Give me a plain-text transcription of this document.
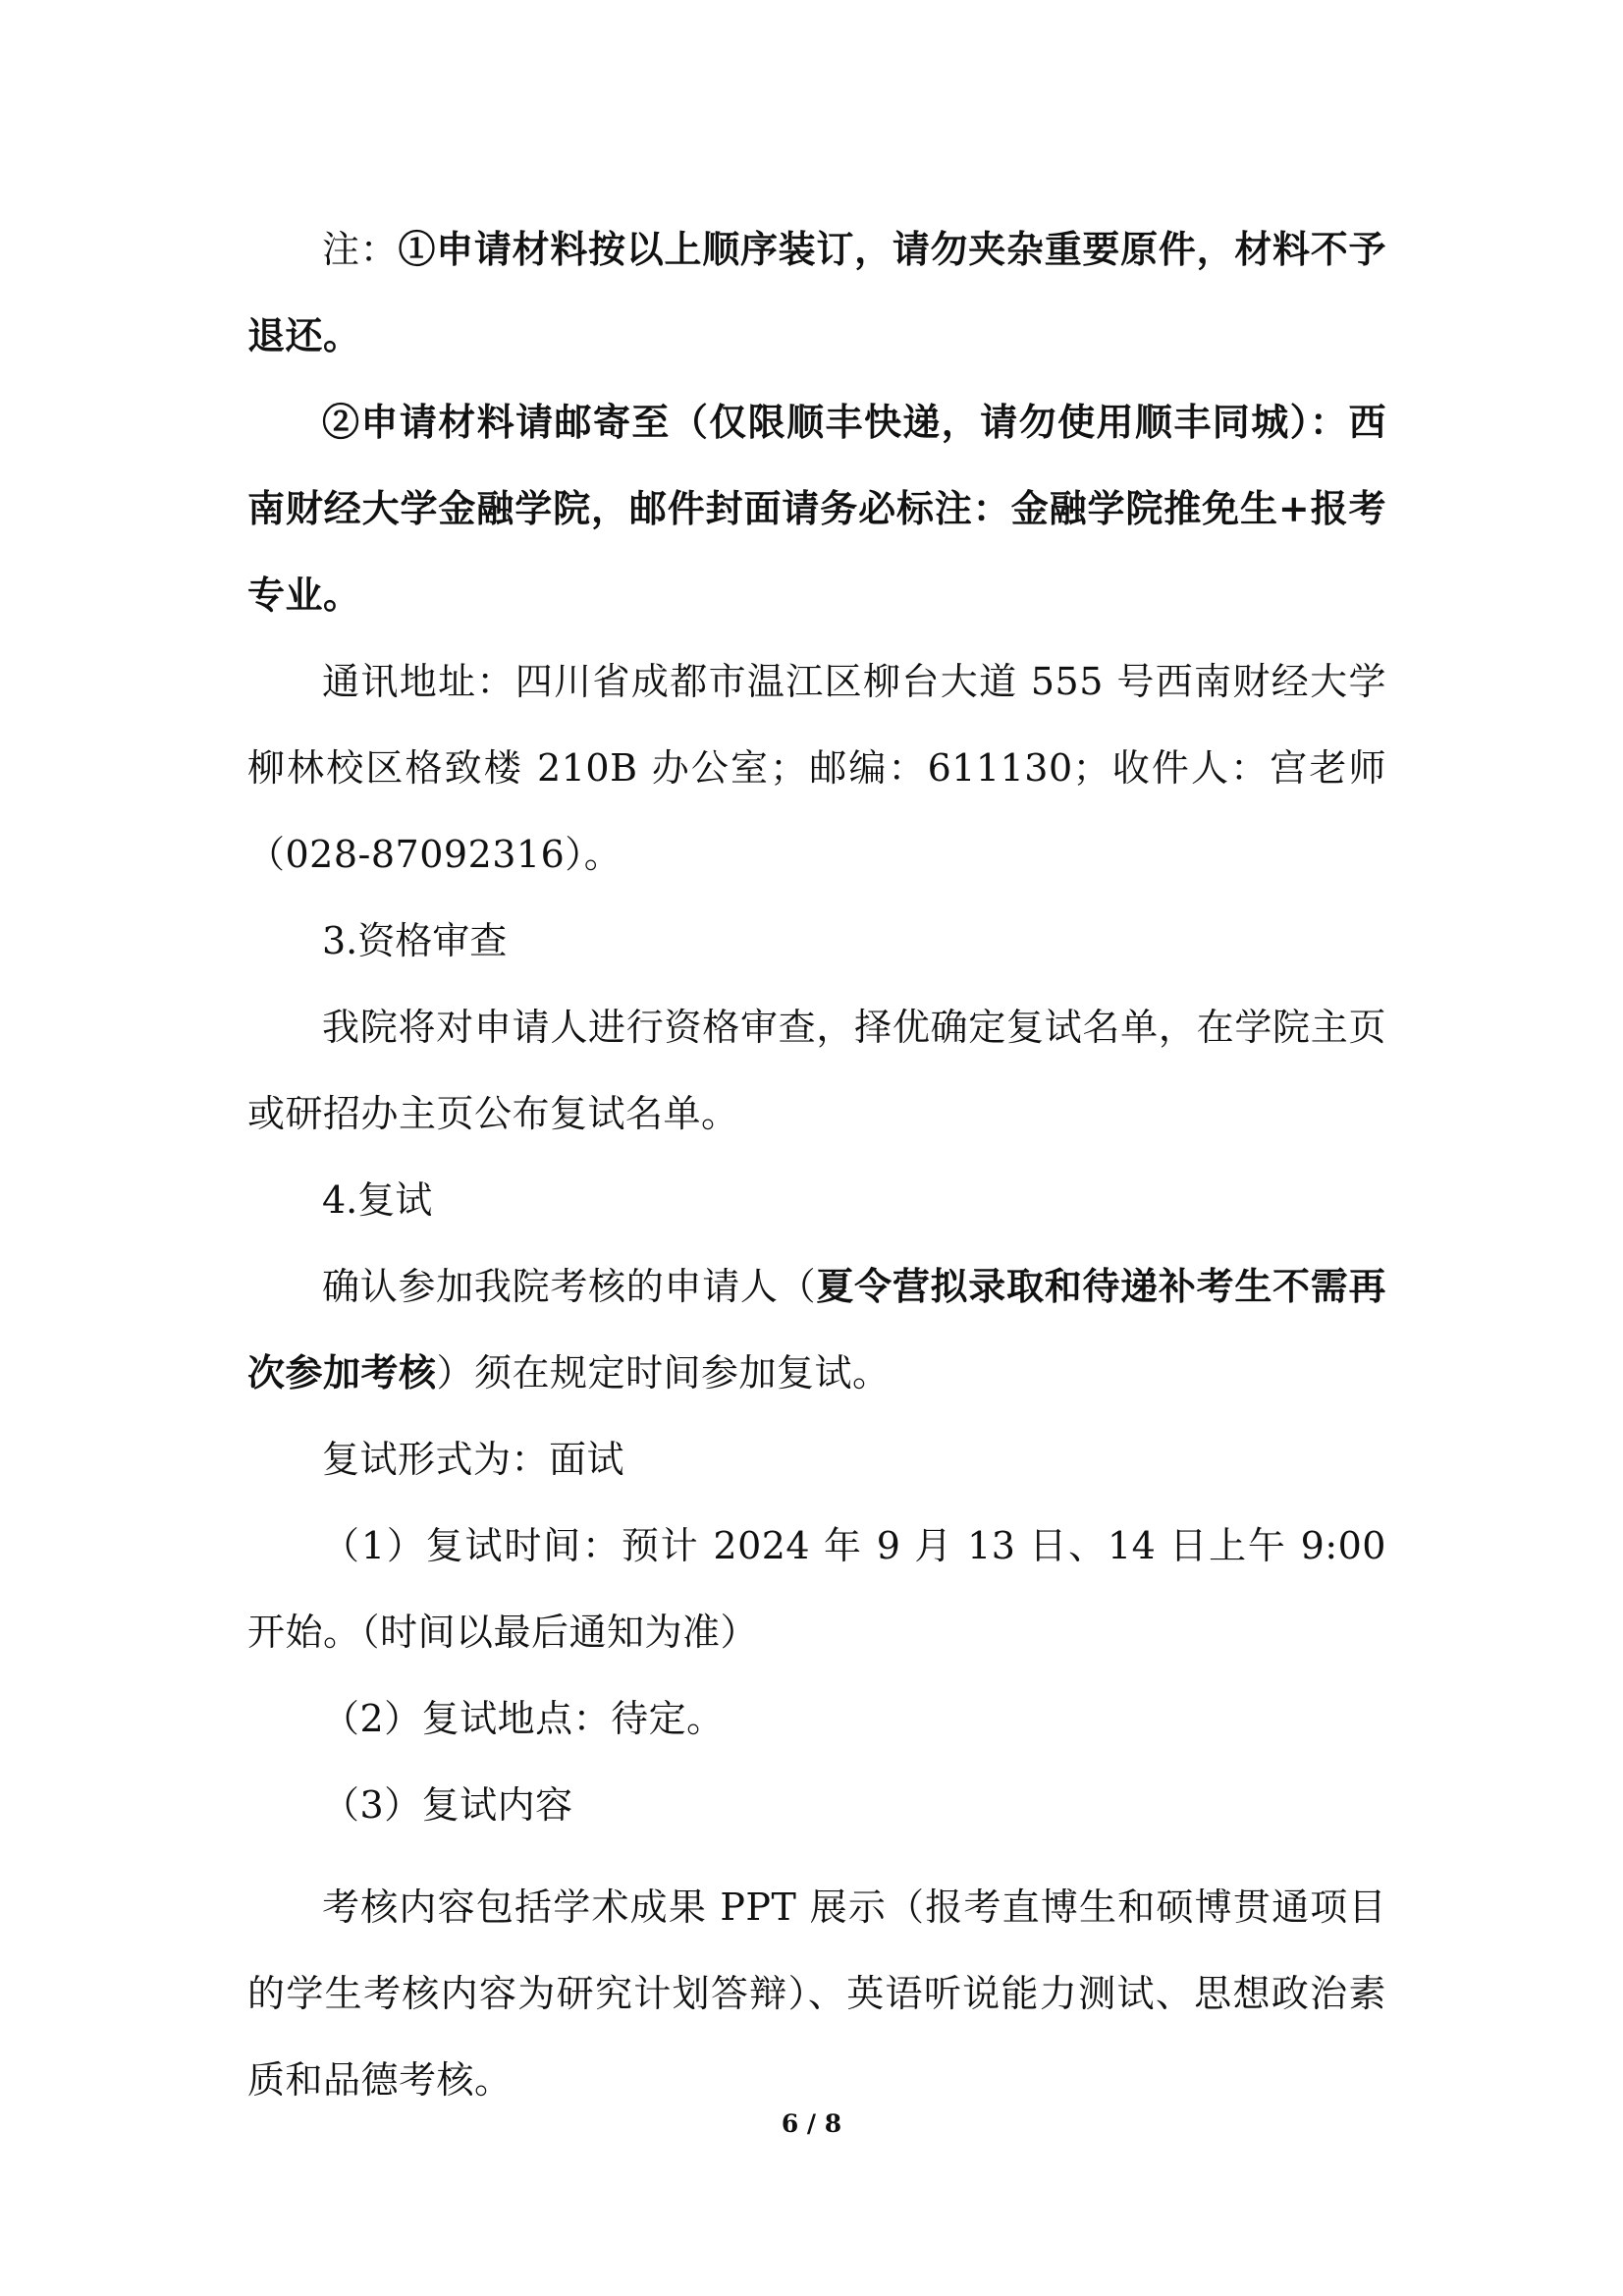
注：①申请材料按以上顺序装订，请勿夹杂重要原件，材料不予退还。

②申请材料请邮寄至（仅限顺丰快递，请勿使用顺丰同城）：西南财经大学金融学院，邮件封面请务必标注：金融学院推免生+报考专业。

通讯地址：四川省成都市温江区柳台大道 555 号西南财经大学柳林校区格致楼 210B 办公室；邮编：611130；收件人：宫老师（028-87092316）。

3.资格审查

我院将对申请人进行资格审查，择优确定复试名单，在学院主页或研招办主页公布复试名单。

4.复试

确认参加我院考核的申请人（夏令营拟录取和待递补考生不需再次参加考核）须在规定时间参加复试。

复试形式为：面试

（1）复试时间：预计 2024 年 9 月 13 日、14 日上午 9:00 开始。（时间以最后通知为准）

（2）复试地点：待定。

（3）复试内容

考核内容包括学术成果 PPT 展示（报考直博生和硕博贯通项目的学生考核内容为研究计划答辩）、英语听说能力测试、思想政治素质和品德考核。

6 / 8
